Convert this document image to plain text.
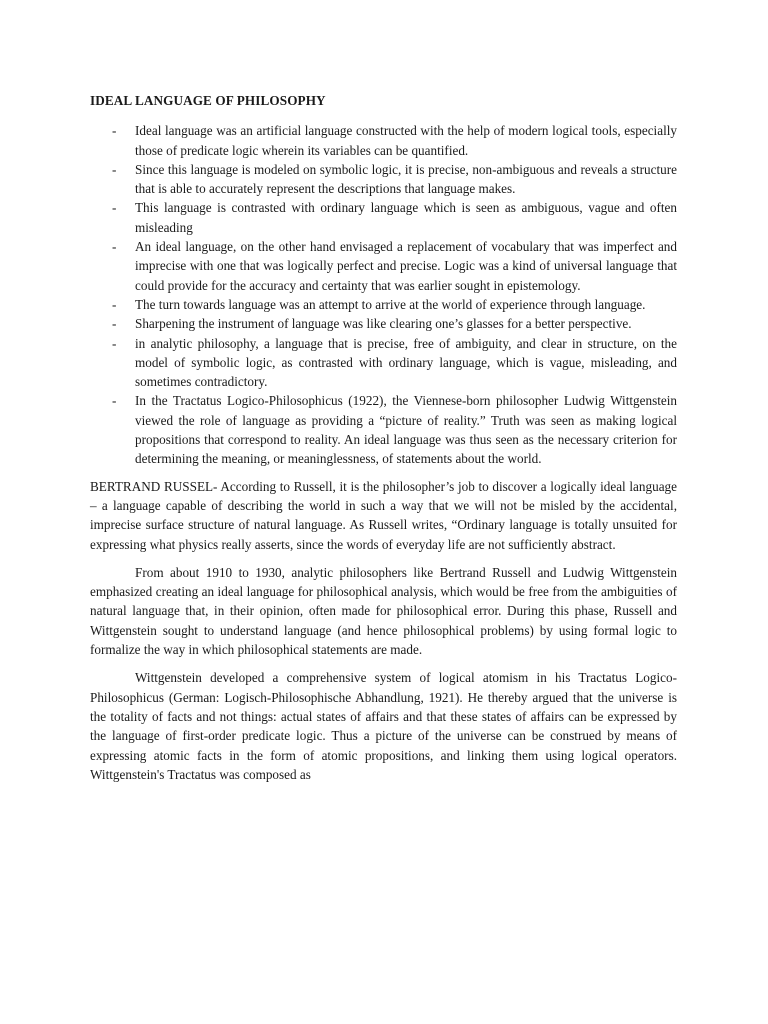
IDEAL LANGUAGE OF PHILOSOPHY
- Ideal language was an artificial language constructed with the help of modern logical tools, especially those of predicate logic wherein its variables can be quantified.
- Since this language is modeled on symbolic logic, it is precise, non-ambiguous and reveals a structure that is able to accurately represent the descriptions that language makes.
- This language is contrasted with ordinary language which is seen as ambiguous, vague and often misleading
- An ideal language, on the other hand envisaged a replacement of vocabulary that was imperfect and imprecise with one that was logically perfect and precise. Logic was a kind of universal language that could provide for the accuracy and certainty that was earlier sought in epistemology.
- The turn towards language was an attempt to arrive at the world of experience through language.
- Sharpening the instrument of language was like clearing one’s glasses for a better perspective.
- in analytic philosophy, a language that is precise, free of ambiguity, and clear in structure, on the model of symbolic logic, as contrasted with ordinary language, which is vague, misleading, and sometimes contradictory.
- In the Tractatus Logico-Philosophicus (1922), the Viennese-born philosopher Ludwig Wittgenstein viewed the role of language as providing a “picture of reality.” Truth was seen as making logical propositions that correspond to reality. An ideal language was thus seen as the necessary criterion for determining the meaning, or meaninglessness, of statements about the world.

BERTRAND RUSSEL- According to Russell, it is the philosopher’s job to discover a logically ideal language – a language capable of describing the world in such a way that we will not be misled by the accidental, imprecise surface structure of natural language. As Russell writes, “Ordinary language is totally unsuited for expressing what physics really asserts, since the words of everyday life are not sufficiently abstract.

From about 1910 to 1930, analytic philosophers like Bertrand Russell and Ludwig Wittgenstein emphasized creating an ideal language for philosophical analysis, which would be free from the ambiguities of natural language that, in their opinion, often made for philosophical error. During this phase, Russell and Wittgenstein sought to understand language (and hence philosophical problems) by using formal logic to formalize the way in which philosophical statements are made.

Wittgenstein developed a comprehensive system of logical atomism in his Tractatus Logico-Philosophicus (German: Logisch-Philosophische Abhandlung, 1921). He thereby argued that the universe is the totality of facts and not things: actual states of affairs and that these states of affairs can be expressed by the language of first-order predicate logic. Thus a picture of the universe can be construed by means of expressing atomic facts in the form of atomic propositions, and linking them using logical operators. Wittgenstein's Tractatus was composed as
